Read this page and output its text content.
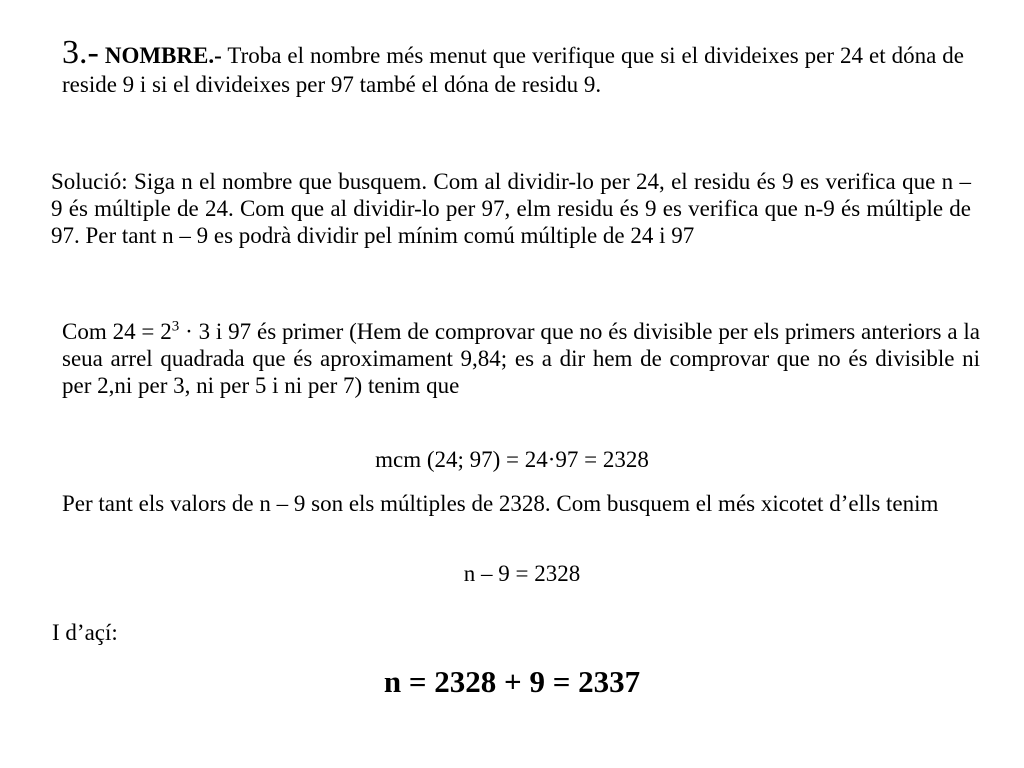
3.- NOMBRE.- Troba el nombre més menut que verifique que si el divideixes per 24 et dóna de reside 9 i si el divideixes per 97 també el dóna de residu 9.
Solució: Siga n el nombre que busquem. Com al dividir-lo per 24, el residu és 9 es verifica que n – 9 és múltiple de 24. Com que al dividir-lo per 97, elm residu és 9 es verifica que n-9 és múltiple de 97. Per tant n – 9 es podrà dividir pel mínim comú múltiple de 24 i 97
Com $24 = 2^3 \cdot 3$ i 97 és primer (Hem de comprovar que no és divisible per els primers anteriors a la seua arrel quadrada que és aproximament 9,84; es a dir hem de comprovar que no és divisible ni per 2,ni per 3, ni per 5 i ni per 7) tenim que
mcm (24; 97) = 24·97 = 2328
Per tant els valors de n – 9 son els múltiples de 2328. Com busquem el més xicotet d’ells tenim
n – 9 = 2328
I d’açí:
n = 2328 + 9 = 2337
